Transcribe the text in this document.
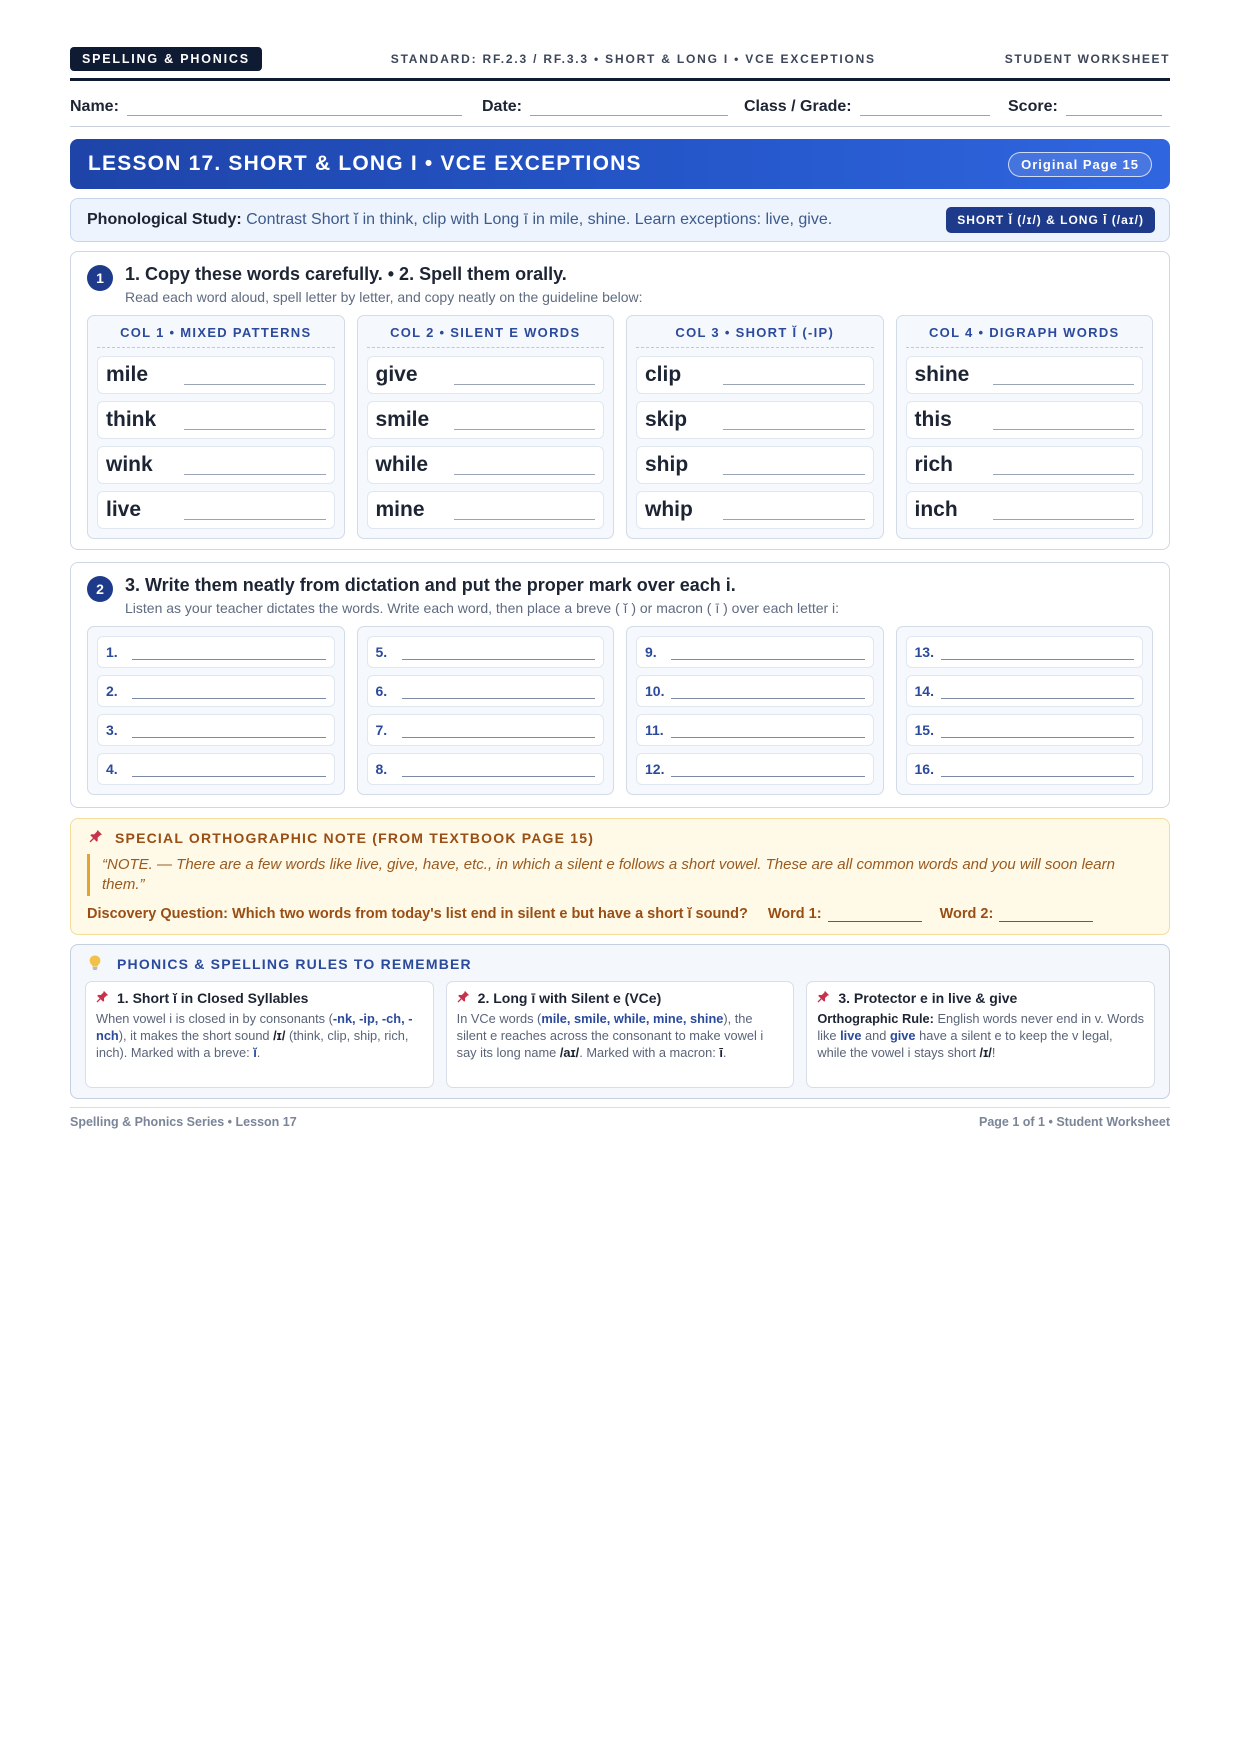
SPELLING & PHONICS	STANDARD: RF.2.3 / RF.3.3 • SHORT & LONG I • VCE EXCEPTIONS	STUDENT WORKSHEET
Name:	Date:	Class / Grade:	Score:
LESSON 17. SHORT & LONG I • VCE EXCEPTIONS	Original Page 15
Phonological Study: Contrast Short ĭ in think, clip with Long ī in mile, shine. Learn exceptions: live, give.	SHORT Ĭ (/ɪ/) & LONG Ī (/aɪ/)
1	1. Copy these words carefully. • 2. Spell them orally.
Read each word aloud, spell letter by letter, and copy neatly on the guideline below:
COL 1 • MIXED PATTERNS
mile
think
wink
live
COL 2 • SILENT E WORDS
give
smile
while
mine
COL 3 • SHORT Ĭ (-IP)
clip
skip
ship
whip
COL 4 • DIGRAPH WORDS
shine
this
rich
inch
2	3. Write them neatly from dictation and put the proper mark over each i.
Listen as your teacher dictates the words. Write each word, then place a breve ( ĭ ) or macron ( ī ) over each letter i:
1.
2.
3.
4.
5.
6.
7.
8.
9.
10.
11.
12.
13.
14.
15.
16.
SPECIAL ORTHOGRAPHIC NOTE (FROM TEXTBOOK PAGE 15)
“NOTE. — There are a few words like live, give, have, etc., in which a silent e follows a short vowel. These are all common words and you will soon learn them.”
Discovery Question: Which two words from today's list end in silent e but have a short ĭ sound? Word 1:	Word 2:
PHONICS & SPELLING RULES TO REMEMBER
1. Short ĭ in Closed Syllables
When vowel i is closed in by consonants (-nk, -ip, -ch, -nch), it makes the short sound /ɪ/ (think, clip, ship, rich, inch). Marked with a breve: ĭ.
2. Long ī with Silent e (VCe)
In VCe words (mile, smile, while, mine, shine), the silent e reaches across the consonant to make vowel i say its long name /aɪ/. Marked with a macron: ī.
3. Protector e in live & give
Orthographic Rule: English words never end in v. Words like live and give have a silent e to keep the v legal, while the vowel i stays short /ɪ/!
Spelling & Phonics Series • Lesson 17	Page 1 of 1 • Student Worksheet
